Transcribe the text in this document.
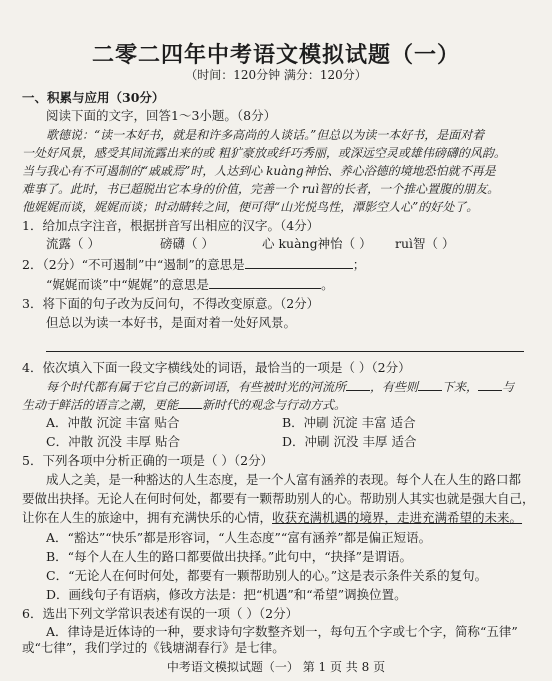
二零二四年中考语文模拟试题（一）
（时间：120分钟 满分：120分）
一、积累与应用（30分）
阅读下面的文字，回答1～3小题。（8分）
歌德说：“读一本好书，就是和许多高尚的人谈话。”但总以为读一本好书，是面对着
一处好风景，感受其间流露出来的或 粗犷豪放或纤巧秀丽，或深远空灵或雄伟磅礴的风韵。
当与我心有不可遏制的“戚戚焉”时，人达到心 kuàng神怡、养心浴德的境地恐怕就不再是
难事了。此时，书已超脱出它本身的价值，完善一个 ruì智的长者，一个推心置腹的朋友。
他娓娓而谈，娓娓而谈；时动睛转之间，便可得“山光悦鸟性，潭影空人心”的好处了。
1．给加点字注音，根据拼音写出相应的汉字。（4分）
流露（ ）	磅礴（ ）	心 kuàng神怡（ ） ruì智（ ）
2．（2分）“不可遏制”中“遏制”的意思是	；
“娓娓而谈”中“娓娓”的意思是	。
3．将下面的句子改为反问句，不得改变原意。（2分）
但总以为读一本好书，是面对着一处好风景。
4．依次填入下面一段文字横线处的词语，最恰当的一项是（ ）（2分）
每个时代都有属于它自己的新词语，有些被时光的河流所 ，有些则 下来， 与
生动于鲜活的语言之潮，更能 新时代的观念与行动方式。
A．冲散 沉淀 丰富 贴合	B．冲刷 沉淀 丰富 适合
C．冲散 沉没 丰厚 贴合	D．冲刷 沉没 丰厚 适合
5．下列各项中分析正确的一项是（ ）（2分）
成人之美，是一种豁达的人生态度，是一个人富有涵养的表现。每个人在人生的路口都
要做出抉择。无论人在何时何处，都要有一颗帮助别人的心。帮助别人其实也就是强大自己，
让你在人生的旅途中，拥有充满快乐的心情，收获充满机遇的境界，走进充满希望的未来。
A．“豁达”“快乐”都是形容词，“人生态度”“富有涵养”都是偏正短语。
B．“每个人在人生的路口都要做出抉择。”此句中，“抉择”是谓语。
C．“无论人在何时何处，都要有一颗帮助别人的心。”这是表示条件关系的复句。
D．画线句子有语病，修改方法是：把“机遇”和“希望”调换位置。
6．选出下列文学常识表述有误的一项（ ）（2分）
A．律诗是近体诗的一种，要求诗句字数整齐划一，每句五个字或七个字，简称“五律”
或“七律”，我们学过的《钱塘湖春行》是七律。
中考语文模拟试题（一） 第 1 页 共 8 页
